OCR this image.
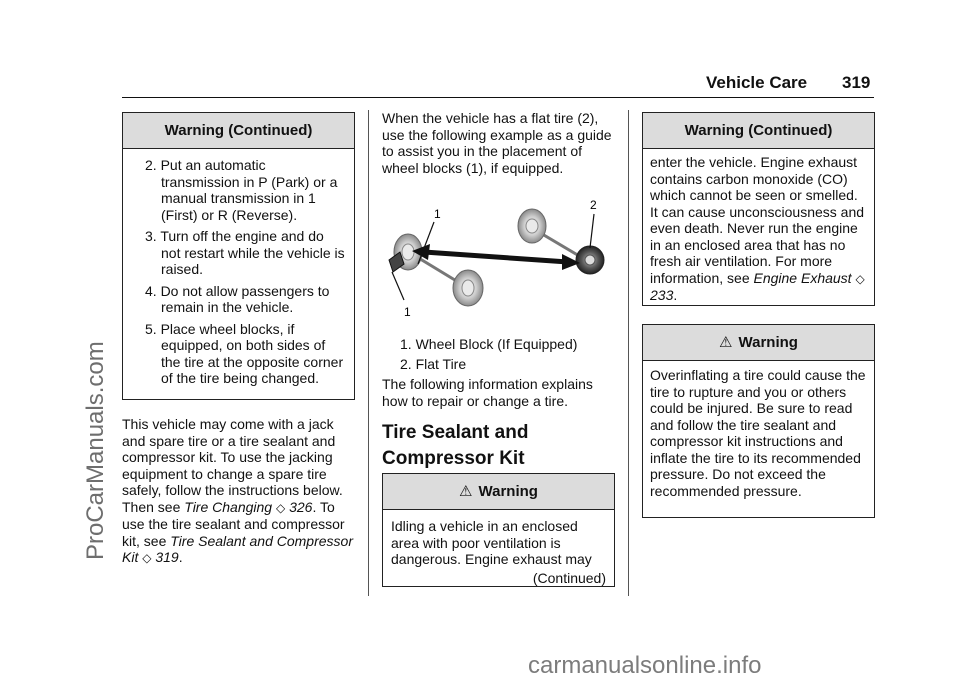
Vehicle Care 319
Warning (Continued)
2. Put an automatic transmission in P (Park) or a manual transmission in 1 (First) or R (Reverse).
3. Turn off the engine and do not restart while the vehicle is raised.
4. Do not allow passengers to remain in the vehicle.
5. Place wheel blocks, if equipped, on both sides of the tire at the opposite corner of the tire being changed.
This vehicle may come with a jack and spare tire or a tire sealant and compressor kit. To use the jacking equipment to change a spare tire safely, follow the instructions below. Then see Tire Changing ◇ 326. To use the tire sealant and compressor kit, see Tire Sealant and Compressor Kit ◇ 319.
When the vehicle has a flat tire (2), use the following example as a guide to assist you in the placement of wheel blocks (1), if equipped.
1
1
2
1. Wheel Block (If Equipped)
2. Flat Tire
The following information explains how to repair or change a tire.
Tire Sealant and
Compressor Kit
⚠ Warning
Idling a vehicle in an enclosed area with poor ventilation is dangerous. Engine exhaust may
(Continued)
Warning (Continued)
enter the vehicle. Engine exhaust contains carbon monoxide (CO) which cannot be seen or smelled. It can cause unconsciousness and even death. Never run the engine in an enclosed area that has no fresh air ventilation. For more information, see Engine Exhaust ◇ 233.
⚠ Warning
Overinflating a tire could cause the tire to rupture and you or others could be injured. Be sure to read and follow the tire sealant and compressor kit instructions and inflate the tire to its recommended pressure. Do not exceed the recommended pressure.
ProCarManuals.com
carmanualsonline.info
